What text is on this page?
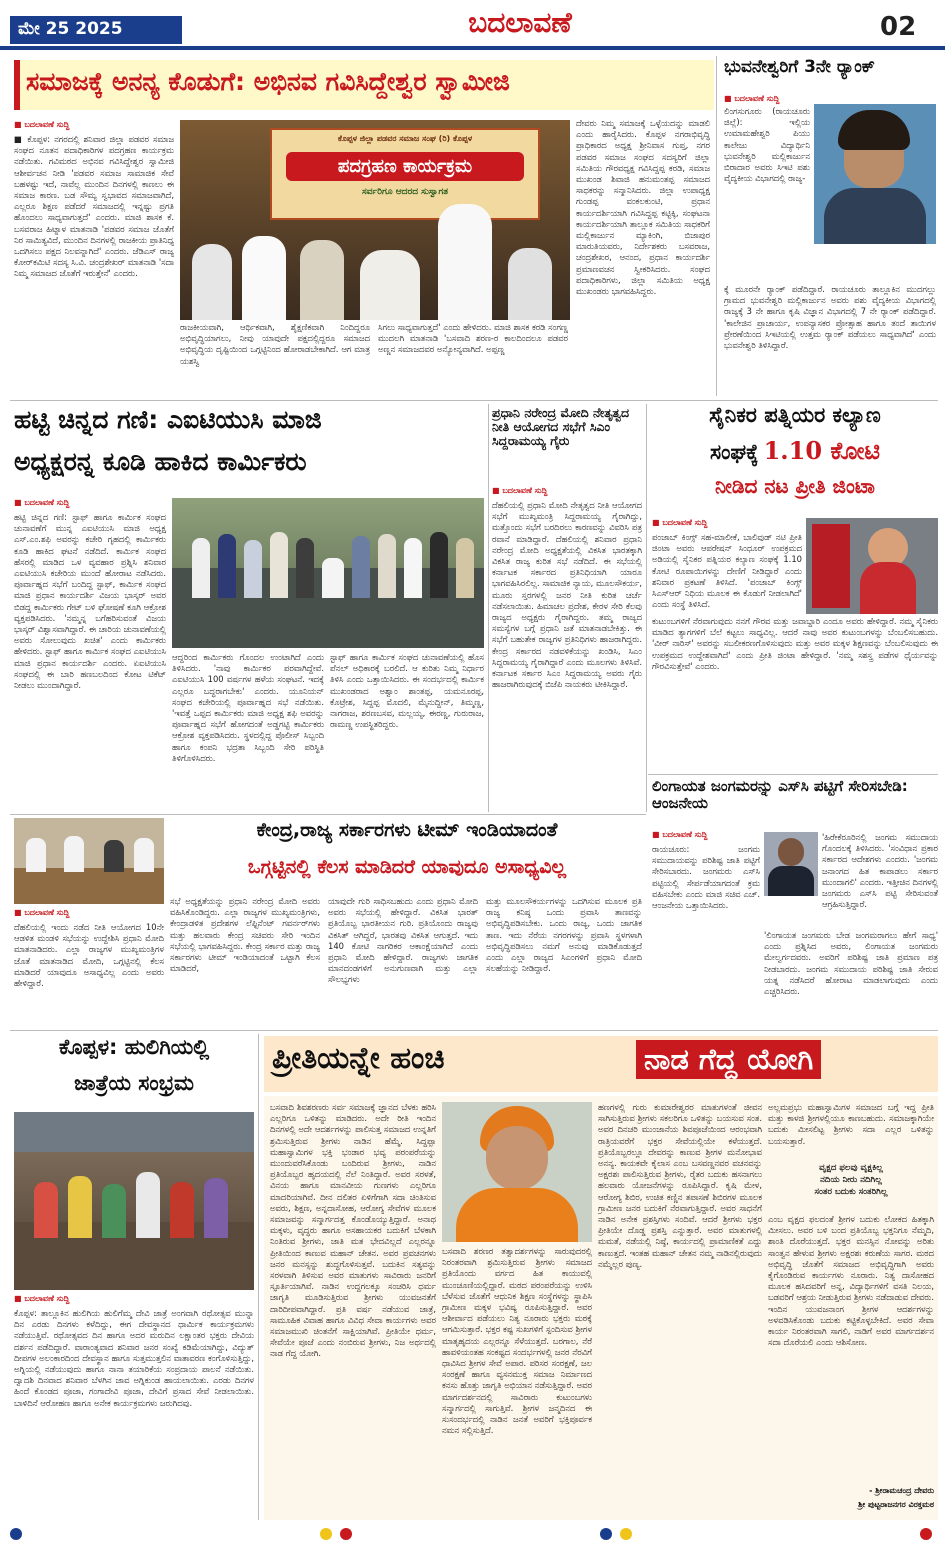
ಮೇ 25 2025	ಬದಲಾವಣೆ	02
ಸಮಾಜಕ್ಕೆ ಅನನ್ಯ ಕೊಡುಗೆ: ಅಭಿನವ ಗವಿಸಿದ್ದೇಶ್ವರ ಸ್ವಾಮೀಜಿ
■ ಬದಲಾವಣೆ ಸುದ್ದಿ
■ ಕೊಪ್ಪಳ: ನಗರದಲ್ಲಿ ಶನಿವಾರ ಜಿಲ್ಲಾ ಪಡವರ ಸಮಾಜ ಸಂಘದ ನೂತನ ಪದಾಧಿಕಾರಿಗಳ ಪದಗ್ರಹಣ ಕಾರ್ಯಕ್ರಮ ನಡೆಯಿತು. ಗವಿಮಠದ ಅಭಿನವ ಗವಿಸಿದ್ದೇಶ್ವರ ಸ್ವಾಮೀಜಿ ಆಶೀರ್ವಚನ ನೀಡಿ 'ಪಡವರ ಸಮಾಜ ಸಾಮಾಜಿಕ ಸೇವೆ ಬಹಳಷ್ಟು ಇದೆ, ನಾವೆಲ್ಲ ಮುಂದಿನ ದಿನಗಳಲ್ಲಿ ಕಾಣಲು ಈ ಸಮಾಜ ಕಾರಣ. ಬಡ ಸೌಮ್ಯ ಸ್ವಭಾವದ ಸಮಾಜವಾಗಿದೆ, ಎಲ್ಲರೂ ಶಿಕ್ಷಣ ಪಡೆದರೆ ಸಮಾಜದಲ್ಲಿ ಇನ್ನಷ್ಟು ಪ್ರಗತಿ ಹೊಂದಲು ಸಾಧ್ಯವಾಗುತ್ತದೆ' ಎಂದರು. ಮಾಜಿ ಶಾಸಕ ಕೆ. ಬಸವರಾಜ ಹಿಟ್ನಾಳ ಮಾತನಾಡಿ 'ಪಡವರ ಸಮಾಜ ಜೊತೆಗೆ ನಿರ ಸಾಮಿತ್ಯವಿದೆ, ಮುಂದಿನ ದಿನಗಳಲ್ಲಿ ರಾಜಕೀಯ ಪ್ರಾತಿನಿಧ್ಯ ಒದಗಿಸಲು ಪಕ್ಷದ ನಿಲವನ್ನಾಗಿದೆ' ಎಂದರು. ಜೆಡಿಎಸ್ ರಾಜ್ಯ ಕೋರ್‌ಕಮಿಟಿ ಸದಸ್ಯ ಸಿ.ವಿ. ಚಂದ್ರಶೇಖರ್ ಮಾತನಾಡಿ 'ಸದಾ ನಿಮ್ಮ ಸಮಾಜದ ಜೊತೆಗೆ ಇರುತ್ತೇನೆ' ಎಂದರು.
ಕೊಪ್ಪಳ ಜಿಲ್ಲಾ ಪಡವರ ಸಮಾಜ ಸಂಘ (ರಿ) ಕೊಪ್ಪಳ
ಪದಗ್ರಹಣ ಕಾರ್ಯಕ್ರಮ
ಸರ್ವರಿಗೂ ಆದರದ ಸುಸ್ವಾಗತ
ರಾಜಕೀಯವಾಗಿ, ಆರ್ಥಿಕವಾಗಿ, ಶೈಕ್ಷಣಿಕವಾಗಿ ನಿಂದಿದ್ದರೂ ಅಭಿವೃದ್ಧಿಯಾಗಲು, ನೀವು ಯಾವುದೇ ಪಕ್ಷದಲ್ಲಿದ್ದರೂ ಸಮಾಜದ ಅಭಿವೃದ್ಧಿಯ ದೃಷ್ಟಿಯಿಂದ ಒಗ್ಗಟ್ಟಿನಿಂದ ಹೋರಾಡಬೇಕಾಗಿದೆ. ಆಗ ಮಾತ್ರ ಯಶಸ್ವಿ
ಸಿಗಲು ಸಾಧ್ಯವಾಗುತ್ತದೆ' ಎಂದು ಹೇಳಿದರು. ಮಾಜಿ ಶಾಸಕ ಕರಡಿ ಸಂಗಣ್ಣ ಮುದಲಗಿ ಮಾತನಾಡಿ 'ಬಸವಾದಿ ಶರಣ-ರ ಕಾಲದಿಂದಲೂ ಪಡವರ ಅಣ್ಣನ ಸಮಾಜದವರ ಅನ್ಯೋನ್ಯವಾಗಿದೆ. ಅಪ್ಪಣ್ಣ
ದೇವರು ನಿಮ್ಮ ಸಮಾಜಕ್ಕೆ ಒಳ್ಳೆಯದನ್ನು ಮಾಡಲಿ ಎಂದು ಹಾರೈಸಿದರು. ಕೊಪ್ಪಳ ನಗರಾಭಿವೃದ್ಧಿ ಪ್ರಾಧಿಕಾರದ ಅಧ್ಯಕ್ಷ ಶ್ರೀನಿವಾಸ ಗುಪ್ತ, ನಗರ ಪಡವರ ಸಮಾಜ ಸಂಘದ ಸದಸ್ಯರಿಗೆ ಜಿಲ್ಲಾ ಸಮಿತಿಯ ಗೌರವಧ್ಯಕ್ಷ ಗವಿಸಿದ್ದಪ್ಪ ಕರಡಿ, ಸಮಾಜ ಮುಖಂಡ ಶಿವಾಜಿ ಹನುಮಂತಪ್ಪ ಸಮಾಜದ ಸಾಧಕರನ್ನು ಸನ್ಮಾನಿಸಿದರು. ಜಿಲ್ಲಾ ಉಪಾಧ್ಯಕ್ಷ ಗುಂಡಪ್ಪ ವಂಕಲಕುಂಟಿ, ಪ್ರಧಾನ ಕಾರ್ಯದರ್ಶಿಯಾಗಿ ಗವಿಸಿದ್ದಪ್ಪ ಕಟ್ಟಿಕ್ಕಿ, ಸಂಘಟನಾ ಕಾರ್ಯದರ್ಶಿಯಾಗಿ ತಾಲ್ಲೂಕ ಸಮಿತಿಯ ಸಾಧಕರಿಗೆ ಮಲ್ಲಿಕಾರ್ಜುನ ಮ್ಯಾಕಿಂಗಿ, ಬಿಜಾಪುರ ಮಾರುತಿಯವರು, ನಿರ್ದೇಶಕರು ಬಸವರಾಜ, ಚಂದ್ರಶೇಖರ, ಆನಂದ, ಪ್ರಧಾನ ಕಾರ್ಯದರ್ಶಿ ಪ್ರಮಾಣವಚನ ಸ್ವೀಕರಿಸಿದರು. ಸಂಘದ ಪದಾಧಿಕಾರಿಗಳು, ಜಿಲ್ಲಾ ಸಮಿತಿಯ ಅಧ್ಯಕ್ಷ ಮುಖಂಡರು ಭಾಗವಹಿಸಿದ್ದರು.
ಭುವನೇಶ್ವರಿಗೆ 3ನೇ ರ್‍ಯಾಂಕ್
■ ಬದಲಾವಣೆ ಸುದ್ದಿ
ಲಿಂಗಸುಗೂರು (ರಾಯಚೂರು ಜಿಲ್ಲೆ): ಇಲ್ಲಿಯ ಉಮಾಮಹೇಶ್ವರಿ ಪಿಯು ಕಾಲೇಜು ವಿದ್ಯಾರ್ಥಿನಿ ಭುವನೇಶ್ವರಿ ಮಲ್ಲಿಕಾರ್ಜುನ ಬಿರಾದಾರ ಅವರು ಸಿಇಟಿ ಪಶು ವೈದ್ಯಕೀಯ ವಿಭಾಗದಲ್ಲಿ ರಾಜ್ಯ-
ಕ್ಕೆ ಮೂರನೇ ರ್‍ಯಾಂಕ್ ಪಡೆದಿದ್ದಾರೆ. ರಾಯಚೂರು ತಾಲ್ಲೂಕಿನ ಮುದಗಲ್ಲು ಗ್ರಾಮದ ಭುವನೇಶ್ವರಿ ಮಲ್ಲಿಕಾರ್ಜುನ ಅವರು ಪಶು ವೈದ್ಯಕೀಯ ವಿಭಾಗದಲ್ಲಿ ರಾಜ್ಯಕ್ಕೆ 3 ನೇ ಹಾಗೂ ಕೃಷಿ ವಿಜ್ಞಾನ ವಿಭಾಗದಲ್ಲಿ 7 ನೇ ರ್‍ಯಾಂಕ್ ಪಡೆದಿದ್ದಾರೆ. 'ಕಾಲೇಜಿನ ಪ್ರಾಚಾರ್ಯ, ಉಪನ್ಯಾಸಕರ ಪ್ರೋತ್ಸಾಹ ಹಾಗೂ ತಂದೆ ತಾಯಿಗಳ ಪ್ರೇರಣೆಯಿಂದ ಸಿಇಟಿಯಲ್ಲಿ ಉತ್ತಮ ರ್‍ಯಾಂಕ್ ಪಡೆಯಲು ಸಾಧ್ಯವಾಗಿದೆ' ಎಂದು ಭುವನೇಶ್ವರಿ ತಿಳಿಸಿದ್ದಾರೆ.
ಹಟ್ಟಿ ಚಿನ್ನದ ಗಣಿ: ಎಐಟಿಯುಸಿ ಮಾಜಿ
ಅಧ್ಯಕ್ಷರನ್ನ ಕೂಡಿ ಹಾಕಿದ ಕಾರ್ಮಿಕರು
■ ಬದಲಾವಣೆ ಸುದ್ದಿ
ಹಟ್ಟಿ ಚಿನ್ನದ ಗಣಿ: ಸ್ಟಾಫ್ ಹಾಗೂ ಕಾರ್ಮಿಕ ಸಂಘದ ಚುನಾವಣೆಗೆ ಮುನ್ನ ಎಐಟಿಯುಸಿ ಮಾಜಿ ಅಧ್ಯಕ್ಷ ಎಸ್.ಎಂ.ಶಫಿ ಅವರನ್ನು ಕಚೇರಿ ಗೃಹದಲ್ಲಿ ಕಾರ್ಮಿಕರು ಕೂಡಿ ಹಾಕಿದ ಘಟನೆ ನಡೆದಿದೆ. ಕಾರ್ಮಿಕ ಸಂಘದ ಹೆಸರಲ್ಲಿ ಮಾಡಿದ ಒಳ ವ್ಯವಹಾರ ಪ್ರಶ್ನಿಸಿ ಶನಿವಾರ ಎಐಟಿಯುಸಿ ಕಚೇರಿಯ ಮುಂದೆ ಹೋರಾಟ ನಡೆಸಿದರು. ಪೂರ್ವಾಹ್ನದ ಸಭೆಗೆ ಬಂದಿದ್ದ ಸ್ಟಾಫ್, ಕಾರ್ಮಿಕ ಸಂಘದ ಮಾಜಿ ಪ್ರಧಾನ ಕಾರ್ಯದರ್ಶಿ ವಿಜಯ ಭಾಸ್ಕರ್ ಅವರ ಬಿಡದ್ದ ಕಾರ್ಮಿಕರು ಗೇಟ್ ಬಳಿ ಘೋಷಣೆ ಕೂಗಿ ಆಕ್ರೋಶ ವ್ಯಕ್ತಪಡಿಸಿದರು. 'ನಮ್ಮನ್ನ ಬಗೆಹರಿಸುವಂತೆ ವಿಜಯ ಭಾಸ್ಕರ್ ವಿಶ್ವಾಸವಾಗಿದ್ದಾರೆ. ಈ ಚಾರಿಯ ಚುನಾವಣೆಯಲ್ಲಿ ಅವರು ಸೋಲುವುದು ಖಚಿತ' ಎಂದು ಕಾರ್ಮಿಕರು ಹೇಳಿದರು. ಸ್ಟಾಫ್ ಹಾಗೂ ಕಾರ್ಮಿಕ ಸಂಘದ ಎಐಟಿಯುಸಿ ಮಾಜಿ ಪ್ರಧಾನ ಕಾರ್ಯದರ್ಶಿ ಎಂದರು. ಏಐಟಿಯುಸಿ ಸಂಘದಲ್ಲಿ ಈ ಬಾರಿ ಹಣಬಲದಿಂದ ಕೋಟ ಟಿಕೆಟ್ ನೀಡಲು ಮುಂದಾಗಿದ್ದಾರೆ.
ಆದ್ದರಿಂದ ಕಾರ್ಮಿಕರು ಗೊಂದಲ ಉಂಟಾಗಿದೆ ಎಂದು ತಿಳಿಸಿದರು. 'ನಾವು ಕಾರ್ಮಿಕರ ಪರವಾಗಿದ್ದೇವೆ. ಎಐಟಿಯುಸಿ 100 ವರ್ಷಗಳ ಹಳೆಯ ಸಂಘಟನೆ. ಇದಕ್ಕೆ ಎಲ್ಲರೂ ಬದ್ಧರಾಗಬೇಕು' ಎಂದರು. ಯೂನಿಯನ್ ಸಂಘದ ಕಚೇರಿಯಲ್ಲಿ ಪೂರ್ವಾಹ್ನದ ಸಭೆ ನಡೆಯಿತು. 'ಇವತ್ತೆ ಒಪ್ಪದ ಕಾರ್ಮಿಕರು ಮಾಜಿ ಅಧ್ಯಕ್ಷ ಶಫಿ ಅವರನ್ನು ಪೂರ್ವಾಹ್ನದ ಸಭೆಗೆ ಹೋಗದಂತೆ ಅಡ್ಡಗಟ್ಟಿ ಕಾರ್ಮಿಕರು ಆಕ್ರೋಶ ವ್ಯಕ್ತಪಡಿಸಿದರು. ಸ್ಥಳದಲ್ಲಿದ್ದ ಪೊಲೀಸ್ ಸಿಬ್ಬಂದಿ ಹಾಗೂ ಕಂಪನಿ ಭದ್ರತಾ ಸಿಬ್ಬಂದಿ ಸೇರಿ ಪರಿಸ್ಥಿತಿ ತಿಳಿಗೊಳಿಸಿದರು.
ಸ್ಟಾಫ್ ಹಾಗೂ ಕಾರ್ಮಿಕ ಸಂಘದ ಚುನಾವಣೆಯಲ್ಲಿ ಹೊಸ ಪೆನಲ್ ಅಧಿಕಾರಕ್ಕೆ ಬರಲಿದೆ. ಆ ಕುರಿತು ನಿಮ್ಮ ನಿರ್ಧಾರ ತಿಳಿಸಿ ಎಂದು ಒತ್ತಾಯಿಸಿದರು. ಈ ಸಂದರ್ಭದಲ್ಲಿ ಕಾರ್ಮಿಕ ಮುಖಂಡರಾದ ಅಶ್ವಾಂ ಶಾಂತಪ್ಪ, ಯಮನೂರಪ್ಪ, ಕೊಟ್ರೇಶ, ಸಿದ್ದಪ್ಪ ಮೊದಲಿ, ಮೈನುದ್ದೀನ್, ತಿಮ್ಮಣ್ಣ, ನಾಗರಾಜ, ಶರಣಬಸವ, ಮಲ್ಲಯ್ಯ, ಈರಣ್ಣ, ಗುರುರಾಜ, ರಾಮಣ್ಣ ಉಪಸ್ಥಿತರಿದ್ದರು.
ಪ್ರಧಾನಿ ನರೇಂದ್ರ ಮೋದಿ ನೇತೃತ್ವದ ನೀತಿ ಆಯೋಗದ ಸಭೆಗೆ ಸಿಎಂ ಸಿದ್ದರಾಮಯ್ಯ ಗೈರು
■ ಬದಲಾವಣೆ ಸುದ್ದಿ
ದೆಹಲಿಯಲ್ಲಿ ಪ್ರಧಾನಿ ಮೋದಿ ನೇತೃತ್ವದ ನೀತಿ ಆಯೋಗದ ಸಭೆಗೆ ಮುಖ್ಯಮಂತ್ರಿ ಸಿದ್ದರಾಮಯ್ಯ ಗೈರಾಗಿದ್ದು, ಮತ್ತೊಂದು ಸಭೆಗೆ ಬರದಿರಲು ಕಾರಣವನ್ನು ವಿವರಿಸಿ ಪತ್ರ ರವಾನೆ ಮಾಡಿದ್ದಾರೆ. ದೆಹಲಿಯಲ್ಲಿ ಶನಿವಾರ ಪ್ರಧಾನಿ ನರೇಂದ್ರ ಮೋದಿ ಅಧ್ಯಕ್ಷತೆಯಲ್ಲಿ ವಿಕಸಿತ ಭಾರತಕ್ಕಾಗಿ ವಿಕಸಿತ ರಾಜ್ಯ ಕುರಿತ ಸಭೆ ನಡೆದಿದೆ. ಈ ಸಭೆಯಲ್ಲಿ ಕರ್ನಾಟಕ ಸರ್ಕಾರದ ಪ್ರತಿನಿಧಿಯಾಗಿ ಯಾರೂ ಭಾಗವಹಿಸಿರಲಿಲ್ಲ. ಸಾಮಾಜಿಕ ನ್ಯಾಯ, ಮೂಲಸೌಕರ್ಯ, ಮೂರು ಸ್ತರಗಳಲ್ಲಿ ಜನರ ನೀತಿ ಕುರಿತ ಚರ್ಚೆ ನಡೆಸಲಾಯಿತು. ಹಿಮಾಚಲ ಪ್ರದೇಶ, ಕೇರಳ ಸೇರಿ ಕೆಲವು ರಾಜ್ಯದ ಅಧ್ಯಕ್ಷರು ಗೈರಾಗಿದ್ದರು. ತಮ್ಮ ರಾಜ್ಯದ ಸಮಸ್ಯೆಗಳ ಬಗ್ಗೆ ಪ್ರಧಾನಿ ಜತೆ ಮಾತನಾಡಬೇಕಿತ್ತು. ಈ ಸಭೆಗೆ ಬಹುತೇಕ ರಾಜ್ಯಗಳ ಪ್ರತಿನಿಧಿಗಳು ಹಾಜರಾಗಿದ್ದರು. ಕೇಂದ್ರ ಸರ್ಕಾರದ ನಡವಳಿಕೆಯನ್ನು ಖಂಡಿಸಿ, ಸಿಎಂ ಸಿದ್ದರಾಮಯ್ಯ ಗೈರಾಗಿದ್ದಾರೆ ಎಂದು ಮೂಲಗಳು ತಿಳಿಸಿವೆ. ಕರ್ನಾಟಕ ಸರ್ಕಾರ ಸಿಎಂ ಸಿದ್ದರಾಮಯ್ಯ ಅವರು ಗೈರು ಹಾಜರಾಗಿರುವುದಕ್ಕೆ ಬಿಜೆಪಿ ನಾಯಕರು ಟೀಕಿಸಿದ್ದಾರೆ.
ಸೈನಿಕರ ಪತ್ನಿಯರ ಕಲ್ಯಾಣ
ಸಂಘಕ್ಕೆ 1.10 ಕೋಟಿ
ನೀಡಿದ ನಟ ಪ್ರೀತಿ ಜಿಂಟಾ
■ ಬದಲಾವಣೆ ಸುದ್ದಿ
ಪಂಜಾಬ್ ಕಿಂಗ್ಸ್ ಸಹ-ಮಾಲೀಕೆ, ಬಾಲಿವುಡ್ ನಟಿ ಪ್ರೀತಿ ಜಿಂಟಾ ಅವರು ಆಪರೇಷನ್ ಸಿಂಧೂರ್ ಉಪಕ್ರಮದ ಅಡಿಯಲ್ಲಿ ಸೈನಿಕರ ಪತ್ನಿಯರ ಕಲ್ಯಾಣ ಸಂಘಕ್ಕೆ 1.10 ಕೋಟಿ ರೂಪಾಯಿಗಳನ್ನು ದೇಣಿಗೆ ನೀಡಿದ್ದಾರೆ ಎಂದು ಶನಿವಾರ ಪ್ರಕಟಣೆ ತಿಳಿಸಿದೆ. 'ಪಂಜಾಬ್ ಕಿಂಗ್ಸ್ ಸಿಎಸ್‌ಆರ್ ನಿಧಿಯ ಮೂಲಕ ಈ ಕೊಡುಗೆ ನೀಡಲಾಗಿದೆ' ಎಂದು ಸಂಸ್ಥೆ ತಿಳಿಸಿದೆ.
ಕುಟುಂಬಗಳಿಗೆ ನೆರವಾಗುವುದು ನನಗೆ ಗೌರವ ಮತ್ತು ಜವಾಬ್ದಾರಿ ಎಂದೂ ಅವರು ಹೇಳಿದ್ದಾರೆ. ನಮ್ಮ ಸೈನಿಕರು ಮಾಡಿದ ತ್ಯಾಗಗಳಿಗೆ ಬೆಲೆ ಕಟ್ಟಲು ಸಾಧ್ಯವಿಲ್ಲ. ಆದರೆ ನಾವು ಅವರ ಕುಟುಂಬಗಳನ್ನು ಬೆಂಬಲಿಸಬಹುದು. 'ವೀರ್ ನಾರಿಸ್' ಅವರನ್ನು ಸಬಲೀಕರಣಗೊಳಿಸುವುದು ಮತ್ತು ಅವರ ಮಕ್ಕಳ ಶಿಕ್ಷಣವನ್ನು ಬೆಂಬಲಿಸುವುದು ಈ ಉಪಕ್ರಮದ ಉದ್ದೇಶವಾಗಿದೆ' ಎಂದು ಪ್ರೀತಿ ಜಿಂಟಾ ಹೇಳಿದ್ದಾರೆ. 'ನಮ್ಮ ಸಶಸ್ತ್ರ ಪಡೆಗಳ ಧೈರ್ಯವನ್ನು ಗೌರವಿಸುತ್ತೇವೆ' ಎಂದರು.
ಲಿಂಗಾಯತ ಜಂಗಮರನ್ನು ಎಸ್‌ಸಿ ಪಟ್ಟಿಗೆ ಸೇರಿಸಬೇಡಿ: ಆಂಜನೇಯ
■ ಬದಲಾವಣೆ ಸುದ್ದಿ
ರಾಯಚೂರು: ಜಂಗಮ ಸಮುದಾಯವನ್ನು ಪರಿಶಿಷ್ಟ ಜಾತಿ ಪಟ್ಟಿಗೆ ಸೇರಿಸಬಾರದು. ಜಂಗಮರು ಎಸ್‌ಸಿ ಪಟ್ಟಿಯಲ್ಲಿ ಸೇರ್ಪಡೆಯಾಗದಂತೆ ಕ್ರಮ ವಹಿಸಬೇಕು ಎಂದು ಮಾಜಿ ಸಚಿವ ಎಚ್. ಆಂಜನೇಯ ಒತ್ತಾಯಿಸಿದರು.
'ಹಿರೇಕೆರೂರಿನಲ್ಲಿ ಜಂಗಮ ಸಮುದಾಯ ಗೊಂದಲಕ್ಕೆ ತಿಳಿಸಿದರು. 'ಸಂವಿಧಾನ ಪ್ರಕಾರ ಸರ್ಕಾರದ ಆದೇಶಗಳು ಎಂದರು. 'ಜಂಗಮ ಜನಾಂಗದ ಹಿತ ಕಾಪಾಡಲು ಸರ್ಕಾರ ಮುಂದಾಗಲಿ' ಎಂದರು. ಇತ್ತೀಚಿನ ದಿನಗಳಲ್ಲಿ ಜಂಗಮರು ಎಸ್‌ಸಿ ಪಟ್ಟಿ ಸೇರಿಸುವಂತೆ ಆಗ್ರಹಿಸುತ್ತಿದ್ದಾರೆ.
'ಲಿಂಗಾಯತ ಜಂಗಮರು ಬೇಡ ಜಂಗಮರಾಗಲು ಹೇಗೆ ಸಾಧ್ಯ' ಎಂದು ಪ್ರಶ್ನಿಸಿದ ಅವರು, ಲಿಂಗಾಯತ ಜಂಗಮರು ಮೇಲ್ವರ್ಗದವರು. ಅವರಿಗೆ ಪರಿಶಿಷ್ಟ ಜಾತಿ ಪ್ರಮಾಣ ಪತ್ರ ನೀಡಬಾರದು. ಜಂಗಮ ಸಮುದಾಯ ಪರಿಶಿಷ್ಟ ಜಾತಿ ಸೇರುವ ಯತ್ನ ನಡೆಸಿದರೆ ಹೋರಾಟ ಮಾಡಲಾಗುವುದು ಎಂದು ಎಚ್ಚರಿಸಿದರು.
ಕೇಂದ್ರ,ರಾಜ್ಯ ಸರ್ಕಾರಗಳು ಟೀಮ್ ಇಂಡಿಯಾದಂತೆ
ಒಗ್ಗಟ್ಟಿನಲ್ಲಿ ಕೆಲಸ ಮಾಡಿದರೆ ಯಾವುದೂ ಅಸಾಧ್ಯವಿಲ್ಲ
■ ಬದಲಾವಣೆ ಸುದ್ದಿ
ದೆಹಲಿಯಲ್ಲಿ ಇಂದು ನಡೆದ ನೀತಿ ಆಯೋಗದ 10ನೇ ಆಡಳಿತ ಮಂಡಳಿ ಸಭೆಯನ್ನು ಉದ್ದೇಶಿಸಿ ಪ್ರಧಾನಿ ಮೋದಿ ಮಾತನಾಡಿದರು. ಎಲ್ಲಾ ರಾಜ್ಯಗಳ ಮುಖ್ಯಮಂತ್ರಿಗಳ ಜೊತೆ ಮಾತನಾಡಿದ ಮೋದಿ, ಒಗ್ಗಟ್ಟಿನಲ್ಲಿ ಕೆಲಸ ಮಾಡಿದರೆ ಯಾವುದೂ ಅಸಾಧ್ಯವಿಲ್ಲ ಎಂದು ಅವರು ಹೇಳಿದ್ದಾರೆ.
ಸಭೆ ಅಧ್ಯಕ್ಷತೆಯನ್ನು ಪ್ರಧಾನಿ ನರೇಂದ್ರ ಮೋದಿ ಅವರು ವಹಿಸಿಕೊಂಡಿದ್ದರು. ಎಲ್ಲಾ ರಾಜ್ಯಗಳ ಮುಖ್ಯಮಂತ್ರಿಗಳು, ಕೇಂದ್ರಾಡಳಿತ ಪ್ರದೇಶಗಳ ಲೆಫ್ಟಿನೆಂಟ್ ಗವರ್ನರ್‌ಗಳು ಮತ್ತು ಹಲವಾರು ಕೇಂದ್ರ ಸಚಿವರು ಸೇರಿ ಇಂದಿನ ಸಭೆಯಲ್ಲಿ ಭಾಗವಹಿಸಿದ್ದರು. ಕೇಂದ್ರ ಸರ್ಕಾರ ಮತ್ತು ರಾಜ್ಯ ಸರ್ಕಾರಗಳು ಟೀಮ್ ಇಂಡಿಯಾದಂತೆ ಒಟ್ಟಾಗಿ ಕೆಲಸ ಮಾಡಿದರೆ,
ಯಾವುದೇ ಗುರಿ ಸಾಧಿಸಬಹುದು ಎಂದು ಪ್ರಧಾನಿ ಮೋದಿ ಅವರು ಸಭೆಯಲ್ಲಿ ಹೇಳಿದ್ದಾರೆ. ವಿಕಸಿತ ಭಾರತ್ ಪ್ರತಿಯೊಬ್ಬ ಭಾರತೀಯನ ಗುರಿ. ಪ್ರತಿಯೊಂದು ರಾಜ್ಯವು ವಿಕಸಿತ್ ಆಗಿದ್ದರೆ, ಭಾರತವು ವಿಕಸಿತ ಆಗುತ್ತದೆ. ಇದು 140 ಕೋಟಿ ನಾಗರಿಕರ ಆಕಾಂಕ್ಷೆಯಾಗಿದೆ ಎಂದು ಪ್ರಧಾನಿ ಮೋದಿ ಹೇಳಿದ್ದಾರೆ. ರಾಜ್ಯಗಳು ಜಾಗತಿಕ ಮಾನದಂಡಗಳಿಗೆ ಅನುಗುಣವಾಗಿ ಮತ್ತು ಎಲ್ಲಾ ಸೌಲಭ್ಯಗಳು
ಮತ್ತು ಮೂಲಸೌಕರ್ಯಗಳನ್ನು ಒದಗಿಸುವ ಮೂಲಕ ಪ್ರತಿ ರಾಜ್ಯ ಕನಿಷ್ಠ ಒಂದು ಪ್ರವಾಸಿ ತಾಣವನ್ನು ಅಭಿವೃದ್ಧಿಪಡಿಸಬೇಕು. ಒಂದು ರಾಜ್ಯ, ಒಂದು ಜಾಗತಿಕ ತಾಣ. ಇದು ನೆರೆಯ ನಗರಗಳನ್ನು ಪ್ರವಾಸಿ ಸ್ಥಳಗಳಾಗಿ ಅಭಿವೃದ್ಧಿಪಡಿಸಲು ನಮಗೆ ಅನುವು ಮಾಡಿಕೊಡುತ್ತದೆ ಎಂದು ಎಲ್ಲಾ ರಾಜ್ಯದ ಸಿಎಂಗಳಿಗೆ ಪ್ರಧಾನಿ ಮೋದಿ ಸಲಹೆಯನ್ನು ನೀಡಿದ್ದಾರೆ.
ಕೊಪ್ಪಳ: ಹುಲಿಗಿಯಲ್ಲಿ
ಜಾತ್ರೆಯ ಸಂಭ್ರಮ
■ ಬದಲಾವಣೆ ಸುದ್ದಿ
ಕೊಪ್ಪಳ: ತಾಲ್ಲೂಕಿನ ಹುಲಿಗಿಯ ಹುಲಿಗೆಮ್ಮ ದೇವಿ ಜಾತ್ರೆ ಅಂಗವಾಗಿ ರಥೋತ್ಸವ ಮುನ್ನಾ ದಿನ ಎರಡು ದಿನಗಳು ಕಳೆದಿದ್ದು, ಈಗ ದೇವಸ್ಥಾನದ ಧಾರ್ಮಿಕ ಕಾರ್ಯಕ್ರಮಗಳು ನಡೆಯುತ್ತಿವೆ. ರಥೋತ್ಸವದ ದಿನ ಹಾಗೂ ಅದರ ಮರುದಿನ ಲಕ್ಷಾಂತರ ಭಕ್ತರು ದೇವಿಯ ದರ್ಶನ ಪಡೆದಿದ್ದಾರೆ. ವಾರಾಂತ್ಯವಾದ ಶನಿವಾರ ಜನರ ಸಂಖ್ಯೆ ಕಡಿಮೆಯಾಗಿದ್ದು, ವಿದ್ಯುತ್ ದೀಪಗಳ ಅಲಂಕಾರದಿಂದ ದೇವಸ್ಥಾನ ಹಾಗೂ ಸುತ್ತಮುತ್ತಲಿನ ವಾತಾವರಣ ಕಂಗೊಳಿಸುತ್ತಿದ್ದು, ಅಗ್ನಿಯಲ್ಲಿ ನಡೆಯುವುದು ಹಾಗೂ ನಾನಾ ತಯಾರಿಕೆಯ ಸಂಪ್ರದಾಯ ಪಾಲನೆ ನಡೆಯಿತು. ದ್ವಾದಶಿ ದಿನವಾದ ಶನಿವಾರ ಬೆಳಗಿನ ಜಾವ ಅಗ್ನಿಕುಂಡ ಹಾಯಲಾಯಿತು. ಎರಡು ದಿನಗಳ ಹಿಂದೆ ಕೊಂಡದ ಪೂಜಾ, ಗಂಗಾದೇವಿ ಪೂಜಾ, ದೇವಿಗೆ ಪ್ರಸಾದ ಸೇವೆ ನೀಡಲಾಯಿತು. ಬಾಳಿದಿನೆ ಆರೋಹಣ ಹಾಗೂ ಅನೇಕ ಕಾರ್ಯಕ್ರಮಗಳು ಜರುಗಿದವು.
ಪ್ರೀತಿಯನ್ನೇ ಹಂಚಿ	ನಾಡ ಗೆದ್ದ ಯೋಗಿ
ಬಸವಾದಿ ಶಿವಶರಣರು ಸರ್ವ ಸಮಾಜಕ್ಕೆ ಜ್ಞಾನದ ಬೆಳಕು ಹರಿಸಿ ಎಲ್ಲರಿಗೂ ಒಳಿತನ್ನು ಮಾಡಿದರು. ಅದೇ ರೀತಿ ಇಂದಿನ ದಿನಗಳಲ್ಲಿ ಅದೇ ಆದರ್ಶಗಳನ್ನು ಪಾಲಿಸುತ್ತ ಸಮಾಜದ ಉನ್ನತಿಗೆ ಶ್ರಮಿಸುತ್ತಿರುವ ಶ್ರೀಗಳು ನಾಡಿನ ಹೆಮ್ಮೆ. ಸಿದ್ದಪ್ಪಾ ಮಹಾಸ್ವಾಮಿಗಳ ಭಕ್ತಿ ಭಂಡಾರ ಭವ್ಯ ಪರಂಪರೆಯನ್ನು ಮುಂದುವರೆಸಿಕೊಂಡು ಬಂದಿರುವ ಶ್ರೀಗಳು, ನಾಡಿನ ಪ್ರತಿಯೊಬ್ಬರ ಹೃದಯದಲ್ಲಿ ನೆಲೆ ನಿಂತಿದ್ದಾರೆ. ಅವರ ಸರಳತೆ, ವಿನಯ ಹಾಗೂ ಮಾನವೀಯ ಗುಣಗಳು ಎಲ್ಲರಿಗೂ ಮಾದರಿಯಾಗಿವೆ. ದೀನ ದಲಿತರ ಏಳಿಗೆಗಾಗಿ ಸದಾ ಚಿಂತಿಸುವ ಅವರು, ಶಿಕ್ಷಣ, ಅನ್ನದಾಸೋಹ, ಆರೋಗ್ಯ ಸೇವೆಗಳ ಮೂಲಕ ಸಮಾಜವನ್ನು ಸನ್ಮಾರ್ಗದತ್ತ ಕೊಂಡೊಯ್ಯುತ್ತಿದ್ದಾರೆ. ಅನಾಥ ಮಕ್ಕಳು, ವೃದ್ಧರು ಹಾಗೂ ಅಸಹಾಯಕರ ಬದುಕಿಗೆ ಬೆಳಕಾಗಿ ನಿಂತಿರುವ ಶ್ರೀಗಳು, ಜಾತಿ ಮತ ಭೇದವಿಲ್ಲದೆ ಎಲ್ಲರನ್ನೂ ಪ್ರೀತಿಯಿಂದ ಕಾಣುವ ಮಹಾನ್ ಚೇತನ. ಅವರ ಪ್ರವಚನಗಳು ಜನರ ಮನಸ್ಸನ್ನು ಶುದ್ಧಗೊಳಿಸುತ್ತವೆ. ಬದುಕಿನ ಸತ್ಯವನ್ನು ಸರಳವಾಗಿ ತಿಳಿಸುವ ಅವರ ಮಾತುಗಳು ಸಾವಿರಾರು ಜನರಿಗೆ ಸ್ಫೂರ್ತಿಯಾಗಿವೆ. ನಾಡಿನ ಉದ್ದಗಲಕ್ಕೂ ಸಂಚರಿಸಿ ಧರ್ಮ ಜಾಗೃತಿ ಮೂಡಿಸುತ್ತಿರುವ ಶ್ರೀಗಳು ಯುವಜನತೆಗೆ ದಾರಿದೀಪವಾಗಿದ್ದಾರೆ. ಪ್ರತಿ ವರ್ಷ ನಡೆಯುವ ಜಾತ್ರೆ, ಸಾಮೂಹಿಕ ವಿವಾಹ ಹಾಗೂ ವಿವಿಧ ಸೇವಾ ಕಾರ್ಯಗಳು ಅವರ ಸಮಾಜಮುಖಿ ಚಿಂತನೆಗೆ ಸಾಕ್ಷಿಯಾಗಿವೆ. ಪ್ರೀತಿಯೇ ಧರ್ಮ, ಸೇವೆಯೇ ಪೂಜೆ ಎಂದು ನಂಬಿರುವ ಶ್ರೀಗಳು, ನಿಜ ಅರ್ಥದಲ್ಲಿ ನಾಡ ಗೆದ್ದ ಯೋಗಿ.
ಬಸವಾದಿ ಶರಣರ ತತ್ವಾದರ್ಶಗಳನ್ನು ಸಾರುವುದರಲ್ಲಿ ನಿರಂತರವಾಗಿ ಶ್ರಮಿಸುತ್ತಿರುವ ಶ್ರೀಗಳು ಸಮಾಜದ ಪ್ರತಿಯೊಂದು ವರ್ಗದ ಹಿತ ಕಾಯುವಲ್ಲಿ ಮುಂಚೂಣಿಯಲ್ಲಿದ್ದಾರೆ. ಮಠದ ಪರಂಪರೆಯನ್ನು ಉಳಿಸಿ ಬೆಳೆಸುವ ಜೊತೆಗೆ ಆಧುನಿಕ ಶಿಕ್ಷಣ ಸಂಸ್ಥೆಗಳನ್ನು ಸ್ಥಾಪಿಸಿ ಗ್ರಾಮೀಣ ಮಕ್ಕಳ ಭವಿಷ್ಯ ರೂಪಿಸುತ್ತಿದ್ದಾರೆ. ಅವರ ಆಶೀರ್ವಾದ ಪಡೆಯಲು ನಿತ್ಯ ನೂರಾರು ಭಕ್ತರು ಮಠಕ್ಕೆ ಆಗಮಿಸುತ್ತಾರೆ. ಭಕ್ತರ ಕಷ್ಟ ಸುಖಗಳಿಗೆ ಸ್ಪಂದಿಸುವ ಶ್ರೀಗಳ ಮಾತೃಹೃದಯ ಎಲ್ಲರನ್ನೂ ಸೆಳೆಯುತ್ತದೆ. ಬರಗಾಲ, ನೆರೆ ಹಾವಳಿಯಂತಹ ಸಂಕಷ್ಟದ ಸಂದರ್ಭಗಳಲ್ಲಿ ಜನರ ನೆರವಿಗೆ ಧಾವಿಸಿದ ಶ್ರೀಗಳ ಸೇವೆ ಅಪಾರ. ಪರಿಸರ ಸಂರಕ್ಷಣೆ, ಜಲ ಸಂರಕ್ಷಣೆ ಹಾಗೂ ವ್ಯಸನಮುಕ್ತ ಸಮಾಜ ನಿರ್ಮಾಣದ ಕನಸು ಹೊತ್ತು ಜಾಗೃತಿ ಅಭಿಯಾನ ನಡೆಸುತ್ತಿದ್ದಾರೆ. ಅವರ ಮಾರ್ಗದರ್ಶನದಲ್ಲಿ ಸಾವಿರಾರು ಕುಟುಂಬಗಳು ಸನ್ಮಾರ್ಗದಲ್ಲಿ ಸಾಗುತ್ತಿವೆ. ಶ್ರೀಗಳ ಜನ್ಮದಿನದ ಈ ಸುಸಂದರ್ಭದಲ್ಲಿ ನಾಡಿನ ಜನತೆ ಅವರಿಗೆ ಭಕ್ತಿಪೂರ್ವಕ ನಮನ ಸಲ್ಲಿಸುತ್ತಿದೆ.
ಹಣಗಳಲ್ಲಿ ಗುರು ಕುಮಾರೇಶ್ವರರ ಮಾತುಗಳಂತೆ ಜೀವನ ಸಾಗಿಸುತ್ತಿರುವ ಶ್ರೀಗಳು ಸಕಲರಿಗೂ ಒಳಿತನ್ನು ಬಯಸುವ ಸಂತ. ಅವರ ದಿನಚರಿ ಮುಂಜಾನೆಯ ಶಿವಪೂಜೆಯಿಂದ ಆರಂಭವಾಗಿ ರಾತ್ರಿಯವರೆಗೆ ಭಕ್ತರ ಸೇವೆಯಲ್ಲಿಯೇ ಕಳೆಯುತ್ತದೆ. ಪ್ರತಿಯೊಬ್ಬರಲ್ಲೂ ದೇವರನ್ನು ಕಾಣುವ ಶ್ರೀಗಳ ಮನೋಭಾವ ಅನನ್ಯ. ಕಾಯಕವೇ ಕೈಲಾಸ ಎಂಬ ಬಸವಣ್ಣನವರ ವಚನವನ್ನು ಅಕ್ಷರಶಃ ಪಾಲಿಸುತ್ತಿರುವ ಶ್ರೀಗಳು, ರೈತರ ಬದುಕು ಹಸನಾಗಲು ಹಲವಾರು ಯೋಜನೆಗಳನ್ನು ರೂಪಿಸಿದ್ದಾರೆ. ಕೃಷಿ ಮೇಳ, ಆರೋಗ್ಯ ಶಿಬಿರ, ಉಚಿತ ಕಣ್ಣಿನ ತಪಾಸಣೆ ಶಿಬಿರಗಳ ಮೂಲಕ ಗ್ರಾಮೀಣ ಜನರ ಬದುಕಿಗೆ ನೆರವಾಗುತ್ತಿದ್ದಾರೆ. ಅವರ ಸಾಧನೆಗೆ ನಾಡಿನ ಅನೇಕ ಪ್ರಶಸ್ತಿಗಳು ಸಂದಿವೆ. ಆದರೆ ಶ್ರೀಗಳು ಭಕ್ತರ ಪ್ರೀತಿಯೇ ದೊಡ್ಡ ಪ್ರಶಸ್ತಿ ಎನ್ನುತ್ತಾರೆ. ಅವರ ಮಾತುಗಳಲ್ಲಿ ಮಮತೆ, ನಡೆಯಲ್ಲಿ ನಿಷ್ಠೆ, ಕಾರ್ಯದಲ್ಲಿ ಪ್ರಾಮಾಣಿಕತೆ ಎದ್ದು ಕಾಣುತ್ತದೆ. ಇಂತಹ ಮಹಾನ್ ಚೇತನ ನಮ್ಮ ನಾಡಿನಲ್ಲಿರುವುದು ನಮ್ಮೆಲ್ಲರ ಪುಣ್ಯ.
ಅಲ್ಲಮಪ್ರಭು ಮಹಾಸ್ವಾಮಿಗಳ ಸಮಾಜದ ಬಗ್ಗೆ ಇದ್ದ ಪ್ರೀತಿ ಮತ್ತು ಕಾಳಜಿ ಶ್ರೀಗಳಲ್ಲಿಯೂ ಕಾಣಬಹುದು. ಸಮಾಜಕ್ಕಾಗಿಯೇ ಬದುಕು ಮೀಸಲಿಟ್ಟ ಶ್ರೀಗಳು ಸದಾ ಎಲ್ಲರ ಒಳಿತನ್ನು ಬಯಸುತ್ತಾರೆ.
ವೃಕ್ಷದ ಫಲವು ವೃಕ್ಷಕಿಲ್ಲ
ನದಿಯ ನೀರು ನದಿಗಿಲ್ಲ
ಸಂತರ ಬದುಕು ಸಂತರಿಗಿಲ್ಲ
ಎಂಬ ವೃಕ್ಷದ ಫಲದಂತೆ ಶ್ರೀಗಳ ಬದುಕು ಲೋಕದ ಹಿತಕ್ಕಾಗಿ ಮೀಸಲು. ಅವರ ಬಳಿ ಬಂದ ಪ್ರತಿಯೊಬ್ಬ ಭಕ್ತನಿಗೂ ನೆಮ್ಮದಿ, ಶಾಂತಿ ದೊರೆಯುತ್ತದೆ. ಭಕ್ತರ ಮನಸ್ಸಿನ ನೋವನ್ನು ಅರಿತು ಸಾಂತ್ವನ ಹೇಳುವ ಶ್ರೀಗಳು ಅಕ್ಷರಶಃ ಕರುಣೆಯ ಸಾಗರ. ಮಠದ ಅಭಿವೃದ್ಧಿ ಜೊತೆಗೆ ಸಮಾಜದ ಅಭಿವೃದ್ಧಿಗಾಗಿ ಅವರು ಕೈಗೊಂಡಿರುವ ಕಾರ್ಯಗಳು ನೂರಾರು. ನಿತ್ಯ ದಾಸೋಹದ ಮೂಲಕ ಹಸಿದವರಿಗೆ ಅನ್ನ, ವಿದ್ಯಾರ್ಥಿಗಳಿಗೆ ವಸತಿ ನಿಲಯ, ಬಡವರಿಗೆ ಆಶ್ರಯ ನೀಡುತ್ತಿರುವ ಶ್ರೀಗಳು ನಡೆದಾಡುವ ದೇವರು. ಇಂದಿನ ಯುವಜನಾಂಗ ಶ್ರೀಗಳ ಆದರ್ಶಗಳನ್ನು ಅಳವಡಿಸಿಕೊಂಡು ಬದುಕು ಕಟ್ಟಿಕೊಳ್ಳಬೇಕಿದೆ. ಅವರ ಸೇವಾ ಕಾರ್ಯ ನಿರಂತರವಾಗಿ ಸಾಗಲಿ, ನಾಡಿಗೆ ಅವರ ಮಾರ್ಗದರ್ಶನ ಸದಾ ದೊರೆಯಲಿ ಎಂದು ಆಶಿಸೋಣ.
- ಶ್ರೀರಾಮಚಂದ್ರ ದೇವರು
ಶ್ರೀ ಪುಟ್ಟರಾಜನಗರ ವಿರಕ್ತಮಠ
